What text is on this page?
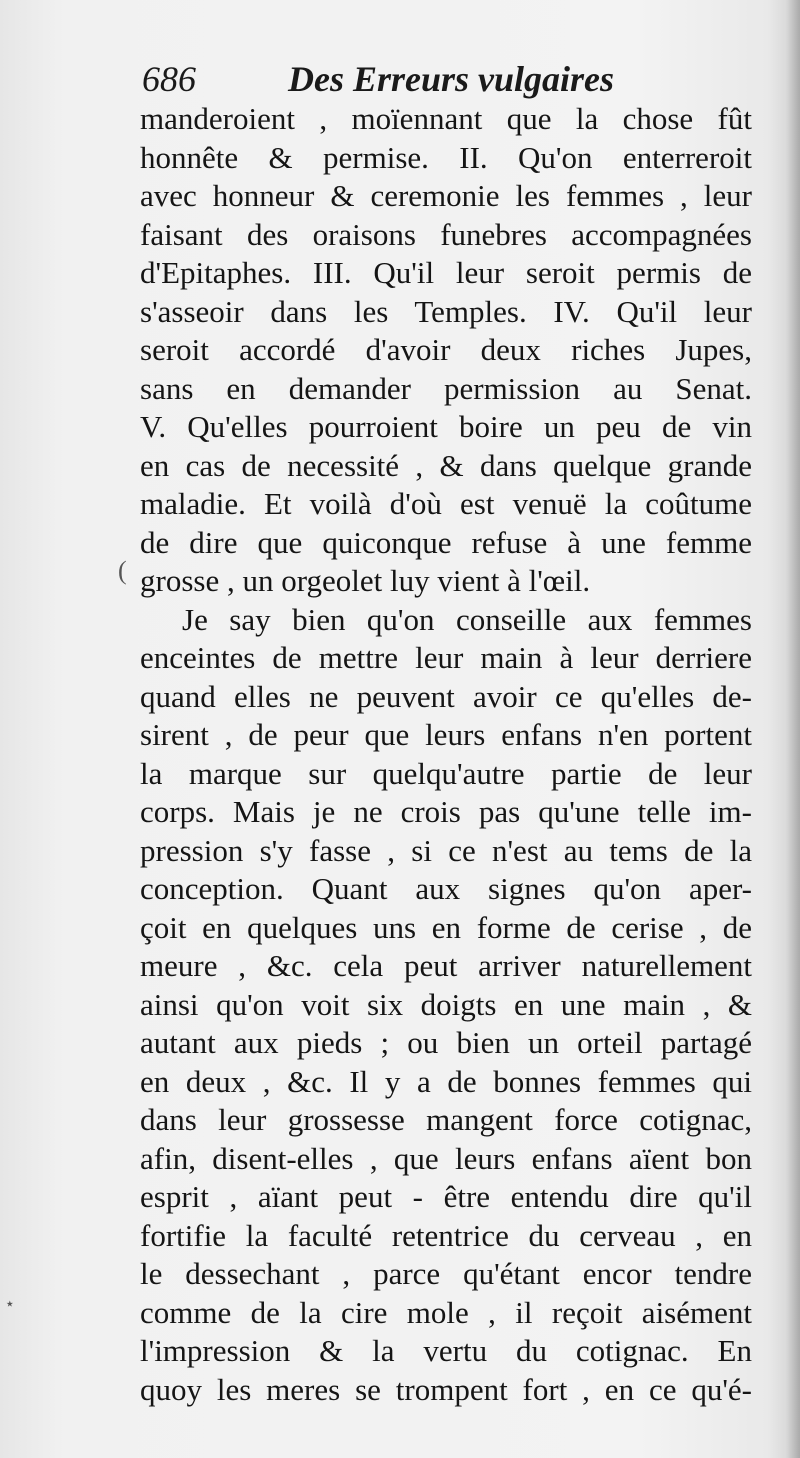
686	Des Erreurs vulgaires
(
٭
manderoient , moïennant que la chose fût
honnête & permise. II. Qu'on enterreroit
avec honneur & ceremonie les femmes , leur
faisant des oraisons funebres accompagnées
d'Epitaphes. III. Qu'il leur seroit permis de
s'asseoir dans les Temples. IV. Qu'il leur
seroit accordé d'avoir deux riches Jupes,
sans en demander permission au Senat.
V. Qu'elles pourroient boire un peu de vin
en cas de necessité , & dans quelque grande
maladie. Et voilà d'où est venuë la coûtume
de dire que quiconque refuse à une femme
grosse , un orgeolet luy vient à l'œil.
Je say bien qu'on conseille aux femmes
enceintes de mettre leur main à leur derriere
quand elles ne peuvent avoir ce qu'elles de-
sirent , de peur que leurs enfans n'en portent
la marque sur quelqu'autre partie de leur
corps. Mais je ne crois pas qu'une telle im-
pression s'y fasse , si ce n'est au tems de la
conception. Quant aux signes qu'on aper-
çoit en quelques uns en forme de cerise , de
meure , &c. cela peut arriver naturellement
ainsi qu'on voit six doigts en une main , &
autant aux pieds ; ou bien un orteil partagé
en deux , &c. Il y a de bonnes femmes qui
dans leur grossesse mangent force cotignac,
afin, disent-elles , que leurs enfans aïent bon
esprit , aïant peut - être entendu dire qu'il
fortifie la faculté retentrice du cerveau , en
le dessechant , parce qu'étant encor tendre
comme de la cire mole , il reçoit aisément
l'impression & la vertu du cotignac. En
quoy les meres se trompent fort , en ce qu'é-
